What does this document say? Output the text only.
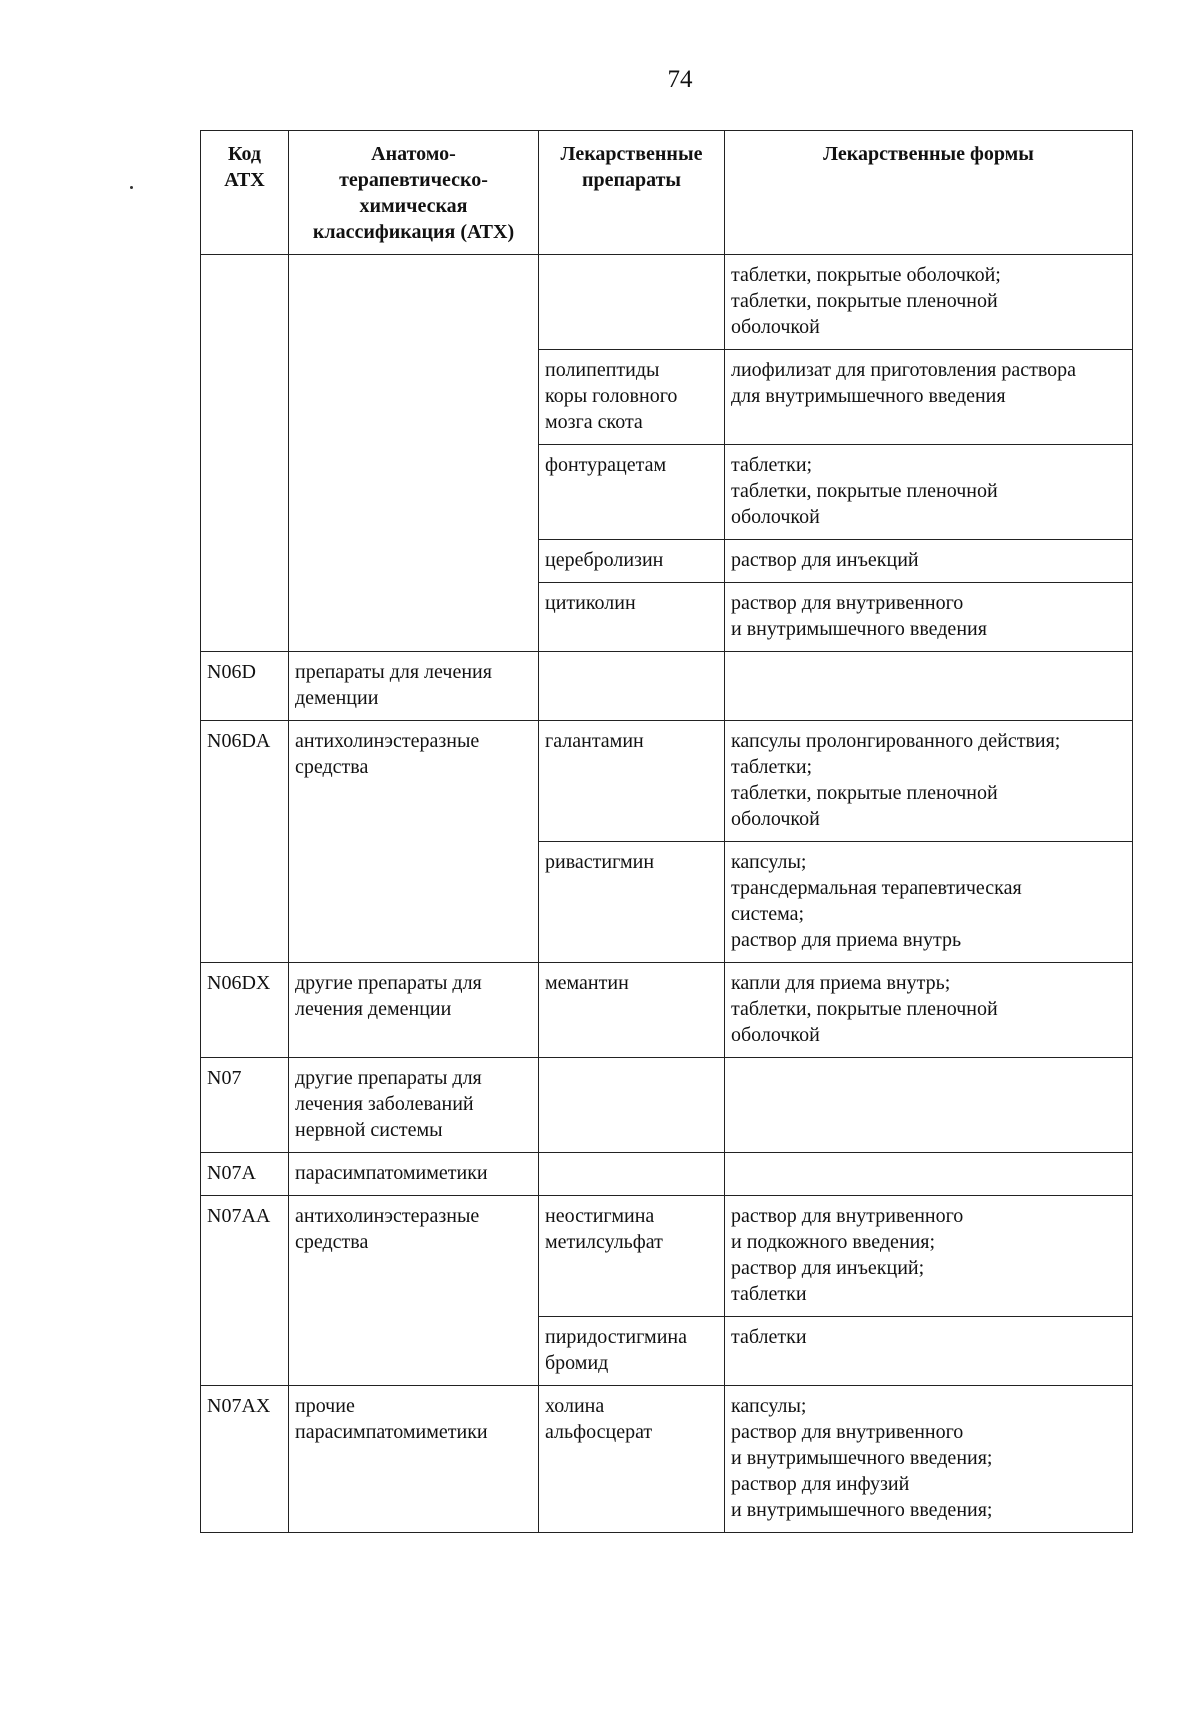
74
Код АТХ	Анатомо- терапевтическо- химическая классификация (АТХ)	Лекарственные препараты	Лекарственные формы

			таблетки, покрытые оболочкой;
таблетки, покрытые пленочной
оболочкой

		полипептиды
коры головного
мозга скота	лиофилизат для приготовления раствора
для внутримышечного введения

		фонтурацетам	таблетки;
таблетки, покрытые пленочной
оболочкой

		церебролизин	раствор для инъекций

		цитиколин	раствор для внутривенного
и внутримышечного введения

N06D	препараты для лечения
деменции		

N06DA	антихолинэстеразные
средства	галантамин	капсулы пролонгированного действия;
таблетки;
таблетки, покрытые пленочной
оболочкой

		ривастигмин	капсулы;
трансдермальная терапевтическая
система;
раствор для приема внутрь

N06DX	другие препараты для
лечения деменции	мемантин	капли для приема внутрь;
таблетки, покрытые пленочной
оболочкой

N07	другие препараты для
лечения заболеваний
нервной системы		

N07A	парасимпатомиметики		

N07AA	антихолинэстеразные
средства	неостигмина
метилсульфат	раствор для внутривенного
и подкожного введения;
раствор для инъекций;
таблетки

		пиридостигмина
бромид	таблетки

N07AX	прочие
парасимпатомиметики	холина
альфосцерат	капсулы;
раствор для внутривенного
и внутримышечного введения;
раствор для инфузий
и внутримышечного введения;
